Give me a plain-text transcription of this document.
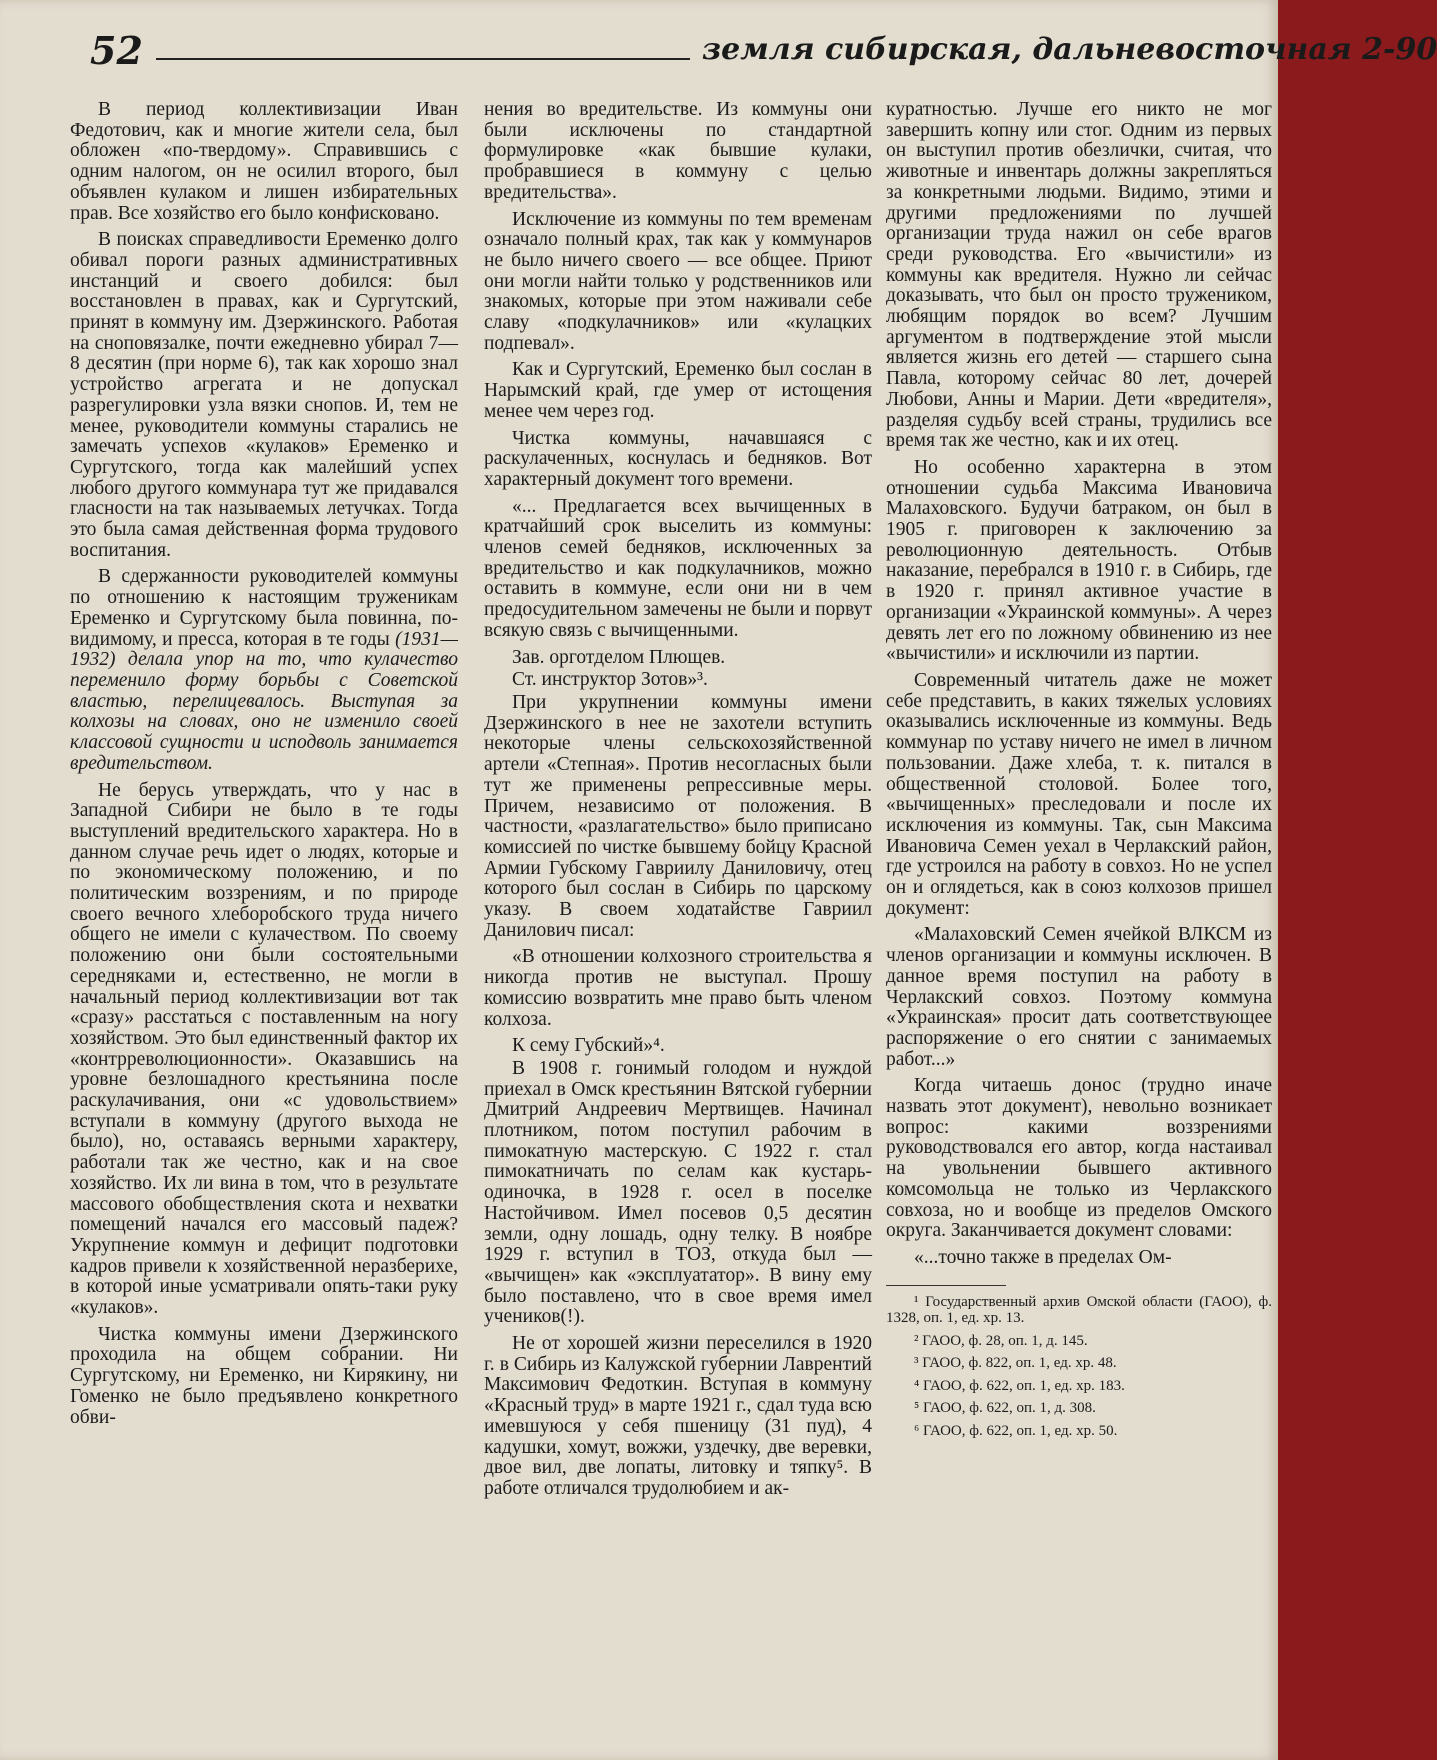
52	земля сибирская, дальневосточная 2-90

В период коллективизации Иван Федотович, как и многие жители села, был обложен «по-твердому». Справившись с одним налогом, он не осилил второго, был объявлен кулаком и лишен избирательных прав. Все хозяйство его было конфисковано.

В поисках справедливости Еременко долго обивал пороги разных административных инстанций и своего добился: был восстановлен в правах, как и Сургутский, принят в коммуну им. Дзержинского. Работая на сноповязалке, почти ежедневно убирал 7—8 десятин (при норме 6), так как хорошо знал устройство агрегата и не допускал разрегулировки узла вязки снопов. И, тем не менее, руководители коммуны старались не замечать успехов «кулаков» Еременко и Сургутского, тогда как малейший успех любого другого коммунара тут же придавался гласности на так называемых летучках. Тогда это была самая действенная форма трудового воспитания.

В сдержанности руководителей коммуны по отношению к настоящим труженикам Еременко и Сургутскому была повинна, по-видимому, и пресса, которая в те годы (1931—1932) делала упор на то, что кулачество переменило форму борьбы с Советской властью, перелицевалось. Выступая за колхозы на словах, оно не изменило своей классовой сущности и исподволь занимается вредительством.

Не берусь утверждать, что у нас в Западной Сибири не было в те годы выступлений вредительского характера. Но в данном случае речь идет о людях, которые и по экономическому положению, и по политическим воззрениям, и по природе своего вечного хлеборобского труда ничего общего не имели с кулачеством. По своему положению они были состоятельными середняками и, естественно, не могли в начальный период коллективизации вот так «сразу» расстаться с поставленным на ногу хозяйством. Это был единственный фактор их «контрреволюционности». Оказавшись на уровне безлошадного крестьянина после раскулачивания, они «с удовольствием» вступали в коммуну (другого выхода не было), но, оставаясь верными характеру, работали так же честно, как и на свое хозяйство. Их ли вина в том, что в результате массового обобществления скота и нехватки помещений начался его массовый падеж? Укрупнение коммун и дефицит подготовки кадров привели к хозяйственной неразберихе, в которой иные усматривали опять-таки руку «кулаков».

Чистка коммуны имени Дзержинского проходила на общем собрании. Ни Сургутскому, ни Еременко, ни Кирякину, ни Гоменко не было предъявлено конкретного обви-

нения во вредительстве. Из коммуны они были исключены по стандартной формулировке «как бывшие кулаки, пробравшиеся в коммуну с целью вредительства».

Исключение из коммуны по тем временам означало полный крах, так как у коммунаров не было ничего своего — все общее. Приют они могли найти только у родственников или знакомых, которые при этом наживали себе славу «подкулачников» или «кулацких подпевал».

Как и Сургутский, Еременко был сослан в Нарымский край, где умер от истощения менее чем через год.

Чистка коммуны, начавшаяся с раскулаченных, коснулась и бедняков. Вот характерный документ того времени.

«... Предлагается всех вычищенных в кратчайший срок выселить из коммуны: членов семей бедняков, исключенных за вредительство и как подкулачников, можно оставить в коммуне, если они ни в чем предосудительном замечены не были и порвут всякую связь с вычищенными.

Зав. орготделом Плющев.

Ст. инструктор Зотов»³.

При укрупнении коммуны имени Дзержинского в нее не захотели вступить некоторые члены сельскохозяйственной артели «Степная». Против несогласных были тут же применены репрессивные меры. Причем, независимо от положения. В частности, «разлагательство» было приписано комиссией по чистке бывшему бойцу Красной Армии Губскому Гавриилу Даниловичу, отец которого был сослан в Сибирь по царскому указу. В своем ходатайстве Гавриил Данилович писал:

«В отношении колхозного строительства я никогда против не выступал. Прошу комиссию возвратить мне право быть членом колхоза.

К сему Губский»⁴.

В 1908 г. гонимый голодом и нуждой приехал в Омск крестьянин Вятской губернии Дмитрий Андреевич Мертвищев. Начинал плотником, потом поступил рабочим в пимокатную мастерскую. С 1922 г. стал пимокатничать по селам как кустарь-одиночка, в 1928 г. осел в поселке Настойчивом. Имел посевов 0,5 десятин земли, одну лошадь, одну телку. В ноябре 1929 г. вступил в ТОЗ, откуда был — «вычищен» как «эксплуататор». В вину ему было поставлено, что в свое время имел учеников(!).

Не от хорошей жизни переселился в 1920 г. в Сибирь из Калужской губернии Лаврентий Максимович Федоткин. Вступая в коммуну «Красный труд» в марте 1921 г., сдал туда всю имевшуюся у себя пшеницу (31 пуд), 4 кадушки, хомут, вожжи, уздечку, две веревки, двое вил, две лопаты, литовку и тяпку⁵. В работе отличался трудолюбием и ак-

куратностью. Лучше его никто не мог завершить копну или стог. Одним из первых он выступил против обезлички, считая, что животные и инвентарь должны закрепляться за конкретными людьми. Видимо, этими и другими предложениями по лучшей организации труда нажил он себе врагов среди руководства. Его «вычистили» из коммуны как вредителя. Нужно ли сейчас доказывать, что был он просто тружеником, любящим порядок во всем? Лучшим аргументом в подтверждение этой мысли является жизнь его детей — старшего сына Павла, которому сейчас 80 лет, дочерей Любови, Анны и Марии. Дети «вредителя», разделяя судьбу всей страны, трудились все время так же честно, как и их отец.

Но особенно характерна в этом отношении судьба Максима Ивановича Малаховского. Будучи батраком, он был в 1905 г. приговорен к заключению за революционную деятельность. Отбыв наказание, перебрался в 1910 г. в Сибирь, где в 1920 г. принял активное участие в организации «Украинской коммуны». А через девять лет его по ложному обвинению из нее «вычистили» и исключили из партии.

Современный читатель даже не может себе представить, в каких тяжелых условиях оказывались исключенные из коммуны. Ведь коммунар по уставу ничего не имел в личном пользовании. Даже хлеба, т. к. питался в общественной столовой. Более того, «вычищенных» преследовали и после их исключения из коммуны. Так, сын Максима Ивановича Семен уехал в Черлакский район, где устроился на работу в совхоз. Но не успел он и оглядеться, как в союз колхозов пришел документ:

«Малаховский Семен ячейкой ВЛКСМ из членов организации и коммуны исключен. В данное время поступил на работу в Черлакский совхоз. Поэтому коммуна «Украинская» просит дать соответствующее распоряжение о его снятии с занимаемых работ...»

Когда читаешь донос (трудно иначе назвать этот документ), невольно возникает вопрос: какими воззрениями руководствовался его автор, когда настаивал на увольнении бывшего активного комсомольца не только из Черлакского совхоза, но и вообще из пределов Омского округа. Заканчивается документ словами:

«...точно также в пределах Ом-

¹ Государственный архив Омской области (ГАОО), ф. 1328, оп. 1, ед. хр. 13.

² ГАОО, ф. 28, оп. 1, д. 145.

³ ГАОО, ф. 822, оп. 1, ед. хр. 48.

⁴ ГАОО, ф. 622, оп. 1, ед. хр. 183.

⁵ ГАОО, ф. 622, оп. 1, д. 308.

⁶ ГАОО, ф. 622, оп. 1, ед. хр. 50.
